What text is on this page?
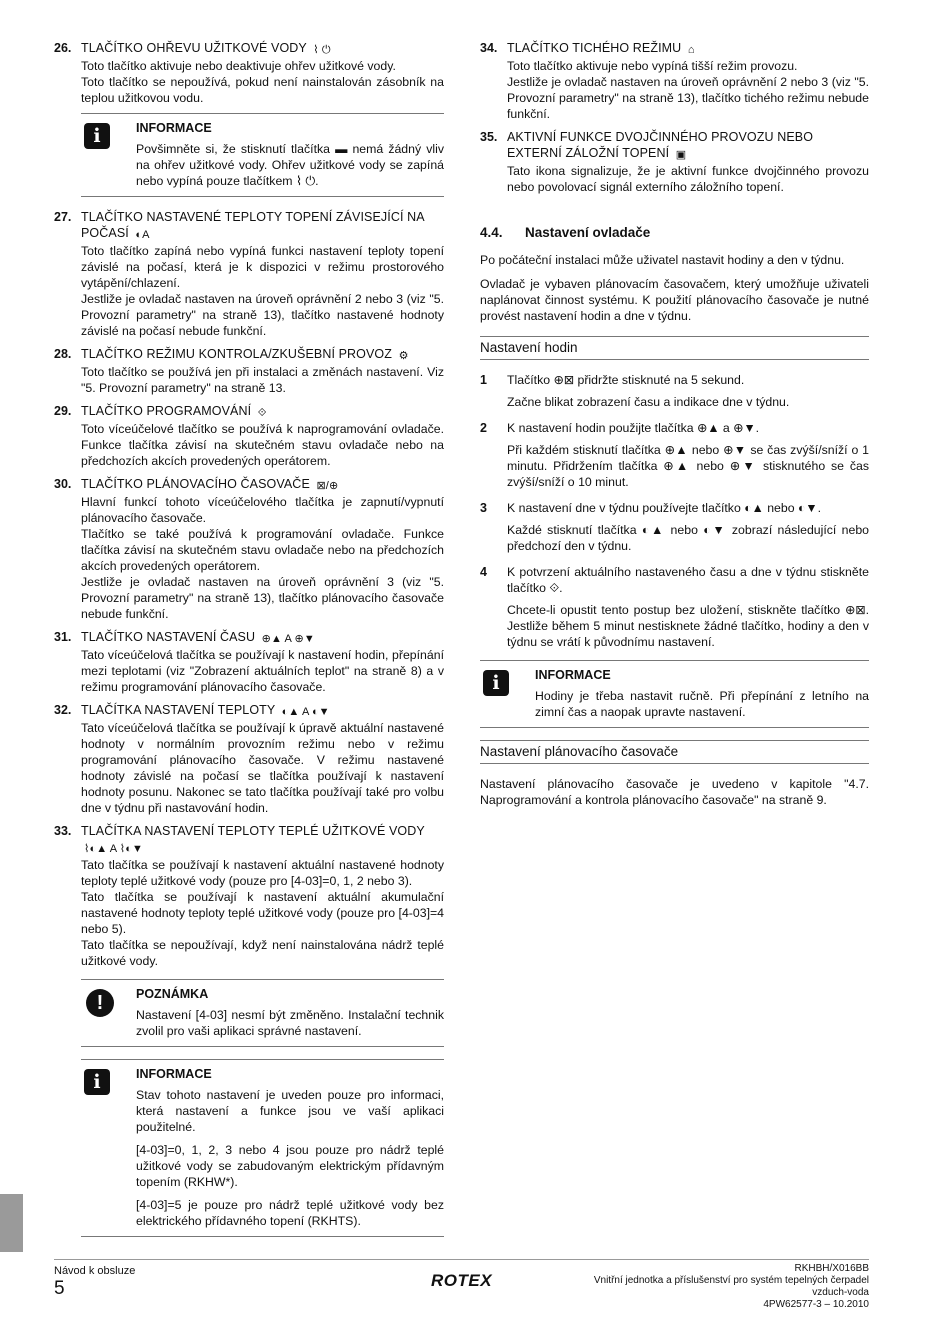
26. TLAČÍTKO OHŘEVU UŽITKOVÉ VODY ⌇ ⏻

Toto tlačítko aktivuje nebo deaktivuje ohřev užitkové vody.

Toto tlačítko se nepoužívá, pokud není nainstalován zásobník na teplou užitkovou vodu.

i	INFORMACE

Povšimněte si, že stisknutí tlačítka ▬ nemá žádný vliv na ohřev užitkové vody. Ohřev užitkové vody se zapíná nebo vypíná pouze tlačítkem ⌇ ⏻.

27. TLAČÍTKO NASTAVENÉ TEPLOTY TOPENÍ ZÁVISEJÍCÍ NA POČASÍ ◐A

Toto tlačítko zapíná nebo vypíná funkci nastavení teploty topení závislé na počasí, která je k dispozici v režimu prostorového vytápění/chlazení.

Jestliže je ovladač nastaven na úroveň oprávnění 2 nebo 3 (viz "5. Provozní parametry" na straně 13), tlačítko nastavené hodnoty závislé na počasí nebude funkční.

28. TLAČÍTKO REŽIMU KONTROLA/ZKUŠEBNÍ PROVOZ ⚙

Toto tlačítko se používá jen při instalaci a změnách nastavení. Viz "5. Provozní parametry" na straně 13.

29. TLAČÍTKO PROGRAMOVÁNÍ ⟐

Toto víceúčelové tlačítko se používá k naprogramování ovladače. Funkce tlačítka závisí na skutečném stavu ovladače nebo na předchozích akcích provedených operátorem.

30. TLAČÍTKO PLÁNOVACÍHO ČASOVAČE ⊠/⊕

Hlavní funkcí tohoto víceúčelového tlačítka je zapnutí/vypnutí plánovacího časovače.

Tlačítko se také používá k programování ovladače. Funkce tlačítka závisí na skutečném stavu ovladače nebo na předchozích akcích provedených operátorem.

Jestliže je ovladač nastaven na úroveň oprávnění 3 (viz "5. Provozní parametry" na straně 13), tlačítko plánovacího časovače nebude funkční.

31. TLAČÍTKO NASTAVENÍ ČASU ⊕▲ A ⊕▼

Tato víceúčelová tlačítka se používají k nastavení hodin, přepínání mezi teplotami (viz "Zobrazení aktuálních teplot" na straně 8) a v režimu programování plánovacího časovače.

32. TLAČÍTKA NASTAVENÍ TEPLOTY ◐▲ A ◐▼

Tato víceúčelová tlačítka se používají k úpravě aktuální nastavené hodnoty v normálním provozním režimu nebo v režimu programování plánovacího časovače. V režimu nastavené hodnoty závislé na počasí se tlačítka používají k nastavení hodnoty posunu. Nakonec se tato tlačítka používají také pro volbu dne v týdnu při nastavování hodin.

33. TLAČÍTKA NASTAVENÍ TEPLOTY TEPLÉ UŽITKOVÉ VODY ⌇◐▲ A ⌇◐▼

Tato tlačítka se používají k nastavení aktuální nastavené hodnoty teploty teplé užitkové vody (pouze pro [4-03]=0, 1, 2 nebo 3).

Tato tlačítka se používají k nastavení aktuální akumulační nastavené hodnoty teploty teplé užitkové vody (pouze pro [4-03]=4 nebo 5).

Tato tlačítka se nepoužívají, když není nainstalována nádrž teplé užitkové vody.

!	POZNÁMKA

Nastavení [4-03] nesmí být změněno. Instalační technik zvolil pro vaši aplikaci správné nastavení.

i	INFORMACE

Stav tohoto nastavení je uveden pouze pro informaci, která nastavení a funkce jsou ve vaší aplikaci použitelné.

[4-03]=0, 1, 2, 3 nebo 4 jsou pouze pro nádrž teplé užitkové vody se zabudovaným elektrickým přídavným topením (RKHW*).

[4-03]=5 je pouze pro nádrž teplé užitkové vody bez elektrického přídavného topení (RKHTS).

34. TLAČÍTKO TICHÉHO REŽIMU ⌂

Toto tlačítko aktivuje nebo vypíná tišší režim provozu.

Jestliže je ovladač nastaven na úroveň oprávnění 2 nebo 3 (viz "5. Provozní parametry" na straně 13), tlačítko tichého režimu nebude funkční.

35. AKTIVNÍ FUNKCE DVOJČINNÉHO PROVOZU NEBO EXTERNÍ ZÁLOŽNÍ TOPENÍ ▣

Tato ikona signalizuje, že je aktivní funkce dvojčinného provozu nebo povolovací signál externího záložního topení.

4.4.	Nastavení ovladače

Po počáteční instalaci může uživatel nastavit hodiny a den v týdnu.

Ovladač je vybaven plánovacím časovačem, který umožňuje uživateli naplánovat činnost systému. K použití plánovacího časovače je nutné provést nastavení hodin a dne v týdnu.

Nastavení hodin
1	Tlačítko ⊕⊠ přidržte stisknuté na 5 sekund.

Začne blikat zobrazení času a indikace dne v týdnu.

2	K nastavení hodin použijte tlačítka ⊕▲ a ⊕▼.

Při každém stisknutí tlačítka ⊕▲ nebo ⊕▼ se čas zvýší/sníží o 1 minutu. Přidržením tlačítka ⊕▲ nebo ⊕▼ stisknutého se čas zvýší/sníží o 10 minut.

3	K nastavení dne v týdnu používejte tlačítko ◐▲ nebo ◐▼.

Každé stisknutí tlačítka ◐▲ nebo ◐▼ zobrazí následující nebo předchozí den v týdnu.

4	K potvrzení aktuálního nastaveného času a dne v týdnu stiskněte tlačítko ⟐.

Chcete-li opustit tento postup bez uložení, stiskněte tlačítko ⊕⊠. Jestliže během 5 minut nestisknete žádné tlačítko, hodiny a den v týdnu se vrátí k původnímu nastavení.

i	INFORMACE

Hodiny je třeba nastavit ručně. Při přepínání z letního na zimní čas a naopak upravte nastavení.

Nastavení plánovacího časovače

Nastavení plánovacího časovače je uvedeno v kapitole "4.7. Naprogramování a kontrola plánovacího časovače" na straně 9.

Návod k obsluze
5	ROTEX
RKHBH/X016BB
Vnitřní jednotka a příslušenství pro systém tepelných čerpadel
vzduch-voda
4PW62577-3 – 10.2010
